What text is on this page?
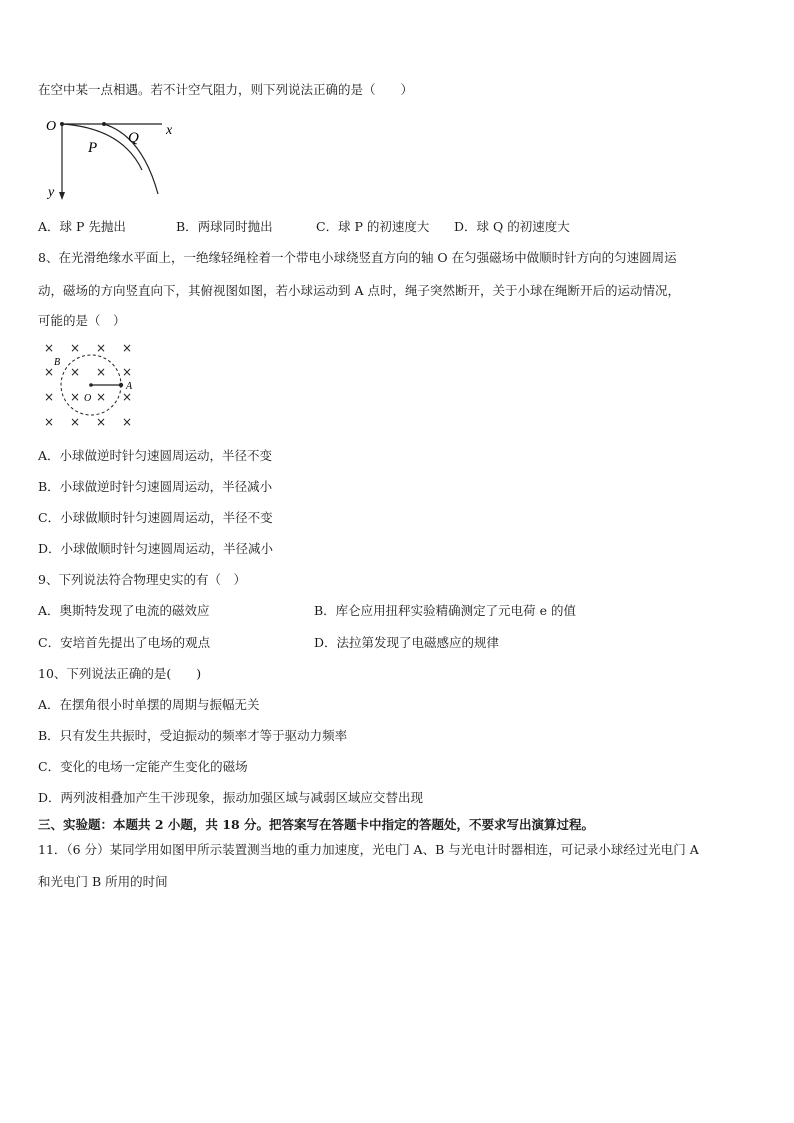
在空中某一点相遇。若不计空气阻力，则下列说法正确的是（　　）
O	x
y
P
Q
A．球 P 先抛出	B．两球同时抛出	C．球 P 的初速度大 D．球 Q 的初速度大
8、在光滑绝缘水平面上，一绝缘轻绳栓着一个带电小球绕竖直方向的轴 O 在匀强磁场中做顺时针方向的匀速圆周运
动，磁场的方向竖直向下，其俯视图如图，若小球运动到 A 点时，绳子突然断开，关于小球在绳断开后的运动情况，
可能的是（　）
× × × ×
× × × ×
× × × ×
× × × ×
B
O
A
A．小球做逆时针匀速圆周运动，半径不变
B．小球做逆时针匀速圆周运动，半径减小
C．小球做顺时针匀速圆周运动，半径不变
D．小球做顺时针匀速圆周运动，半径减小
9、下列说法符合物理史实的有（　）
A．奥斯特发现了电流的磁效应	B．库仑应用扭秤实验精确测定了元电荷 e 的值
C．安培首先提出了电场的观点	D．法拉第发现了电磁感应的规律
10、下列说法正确的是(　　)
A．在摆角很小时单摆的周期与振幅无关
B．只有发生共振时，受迫振动的频率才等于驱动力频率
C．变化的电场一定能产生变化的磁场
D．两列波相叠加产生干涉现象，振动加强区域与减弱区域应交替出现
三、实验题：本题共 2 小题，共 18 分。把答案写在答题卡中指定的答题处，不要求写出演算过程。
11．（6 分）某同学用如图甲所示装置测当地的重力加速度，光电门 A、B 与光电计时器相连，可记录小球经过光电门 A
和光电门 B 所用的时间
